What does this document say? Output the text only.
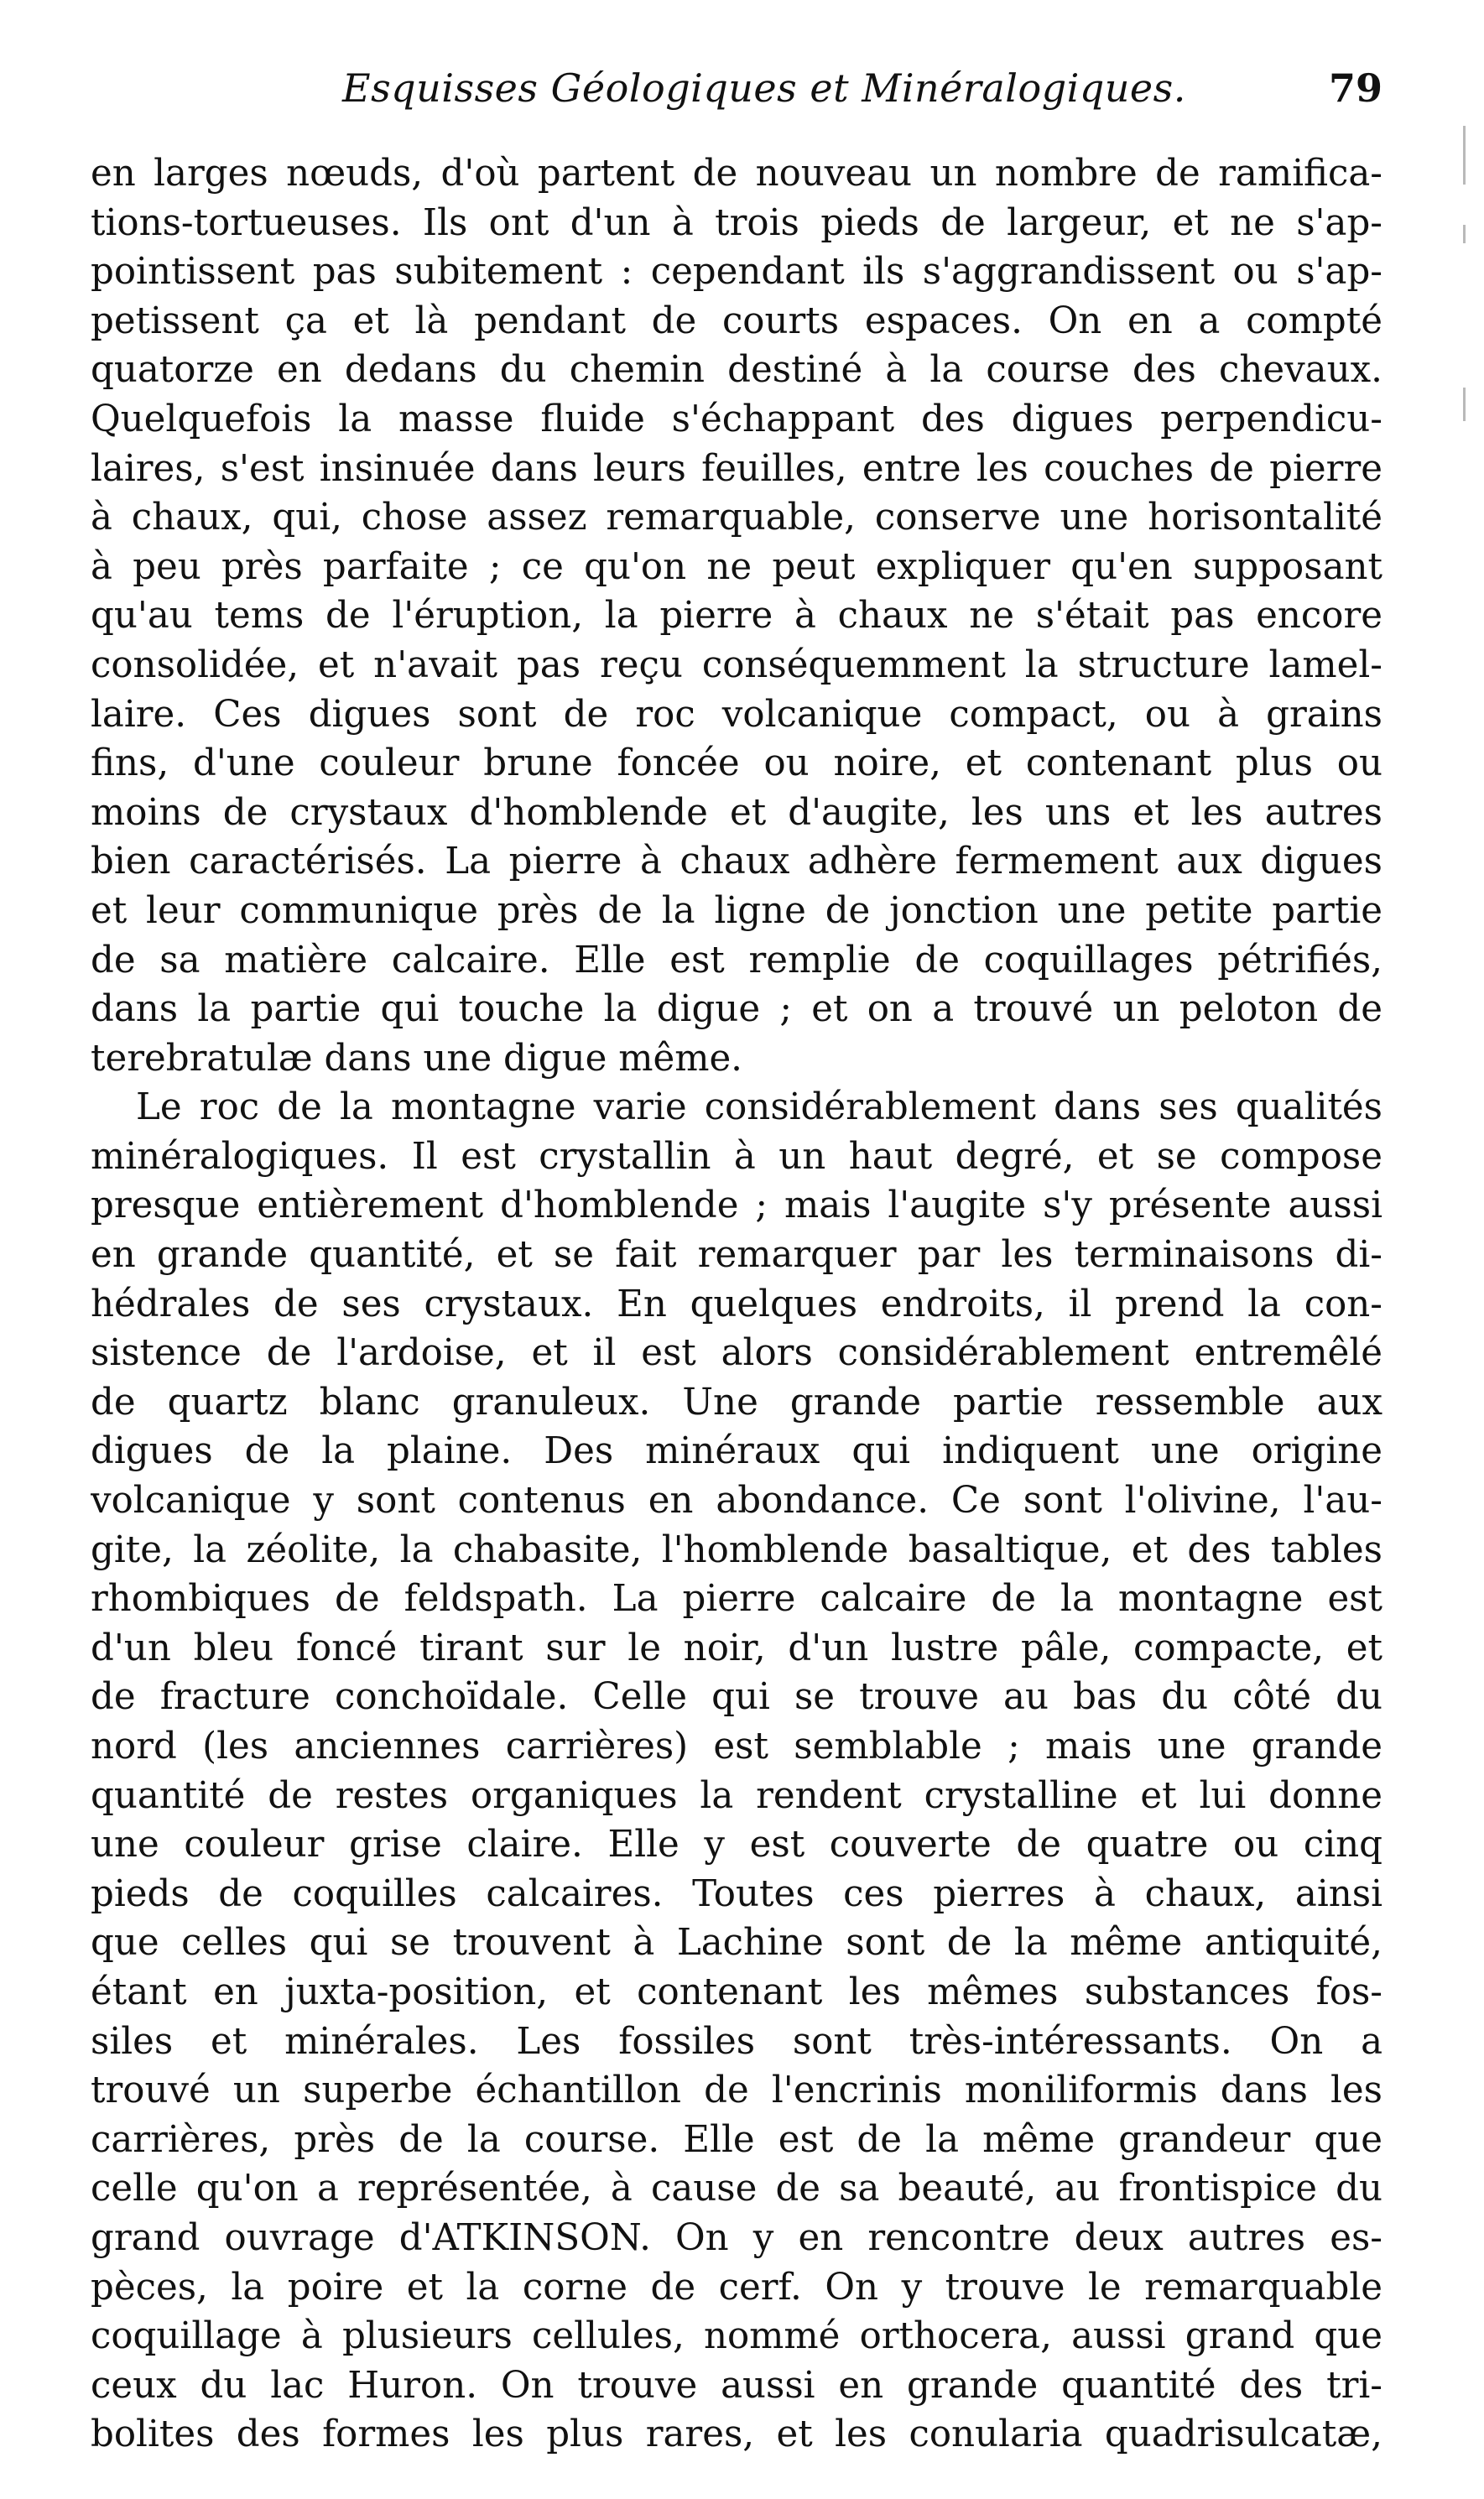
Esquisses Géologiques et Minéralogiques.	79
en larges nœuds, d'où partent de nouveau un nombre de ramifica-
tions-tortueuses. Ils ont d'un à trois pieds de largeur, et ne s'ap-
pointissent pas subitement : cependant ils s'aggrandissent ou s'ap-
petissent ça et là pendant de courts espaces. On en a compté
quatorze en dedans du chemin destiné à la course des chevaux.
Quelquefois la masse fluide s'échappant des digues perpendicu-
laires, s'est insinuée dans leurs feuilles, entre les couches de pierre
à chaux, qui, chose assez remarquable, conserve une horisontalité
à peu près parfaite ; ce qu'on ne peut expliquer qu'en supposant
qu'au tems de l'éruption, la pierre à chaux ne s'était pas encore
consolidée, et n'avait pas reçu conséquemment la structure lamel-
laire. Ces digues sont de roc volcanique compact, ou à grains
fins, d'une couleur brune foncée ou noire, et contenant plus ou
moins de crystaux d'homblende et d'augite, les uns et les autres
bien caractérisés. La pierre à chaux adhère fermement aux digues
et leur communique près de la ligne de jonction une petite partie
de sa matière calcaire. Elle est remplie de coquillages pétrifiés,
dans la partie qui touche la digue ; et on a trouvé un peloton de
terebratulæ dans une digue même.
Le roc de la montagne varie considérablement dans ses qualités
minéralogiques. Il est crystallin à un haut degré, et se compose
presque entièrement d'homblende ; mais l'augite s'y présente aussi
en grande quantité, et se fait remarquer par les terminaisons di-
hédrales de ses crystaux. En quelques endroits, il prend la con-
sistence de l'ardoise, et il est alors considérablement entremêlé
de quartz blanc granuleux. Une grande partie ressemble aux
digues de la plaine. Des minéraux qui indiquent une origine
volcanique y sont contenus en abondance. Ce sont l'olivine, l'au-
gite, la zéolite, la chabasite, l'homblende basaltique, et des tables
rhombiques de feldspath. La pierre calcaire de la montagne est
d'un bleu foncé tirant sur le noir, d'un lustre pâle, compacte, et
de fracture conchoïdale. Celle qui se trouve au bas du côté du
nord (les anciennes carrières) est semblable ; mais une grande
quantité de restes organiques la rendent crystalline et lui donne
une couleur grise claire. Elle y est couverte de quatre ou cinq
pieds de coquilles calcaires. Toutes ces pierres à chaux, ainsi
que celles qui se trouvent à Lachine sont de la même antiquité,
étant en juxta-position, et contenant les mêmes substances fos-
siles et minérales. Les fossiles sont très-intéressants. On a
trouvé un superbe échantillon de l'encrinis moniliformis dans les
carrières, près de la course. Elle est de la même grandeur que
celle qu'on a représentée, à cause de sa beauté, au frontispice du
grand ouvrage d'ATKINSON. On y en rencontre deux autres es-
pèces, la poire et la corne de cerf. On y trouve le remarquable
coquillage à plusieurs cellules, nommé orthocera, aussi grand que
ceux du lac Huron. On trouve aussi en grande quantité des tri-
bolites des formes les plus rares, et les conularia quadrisulcatæ,
